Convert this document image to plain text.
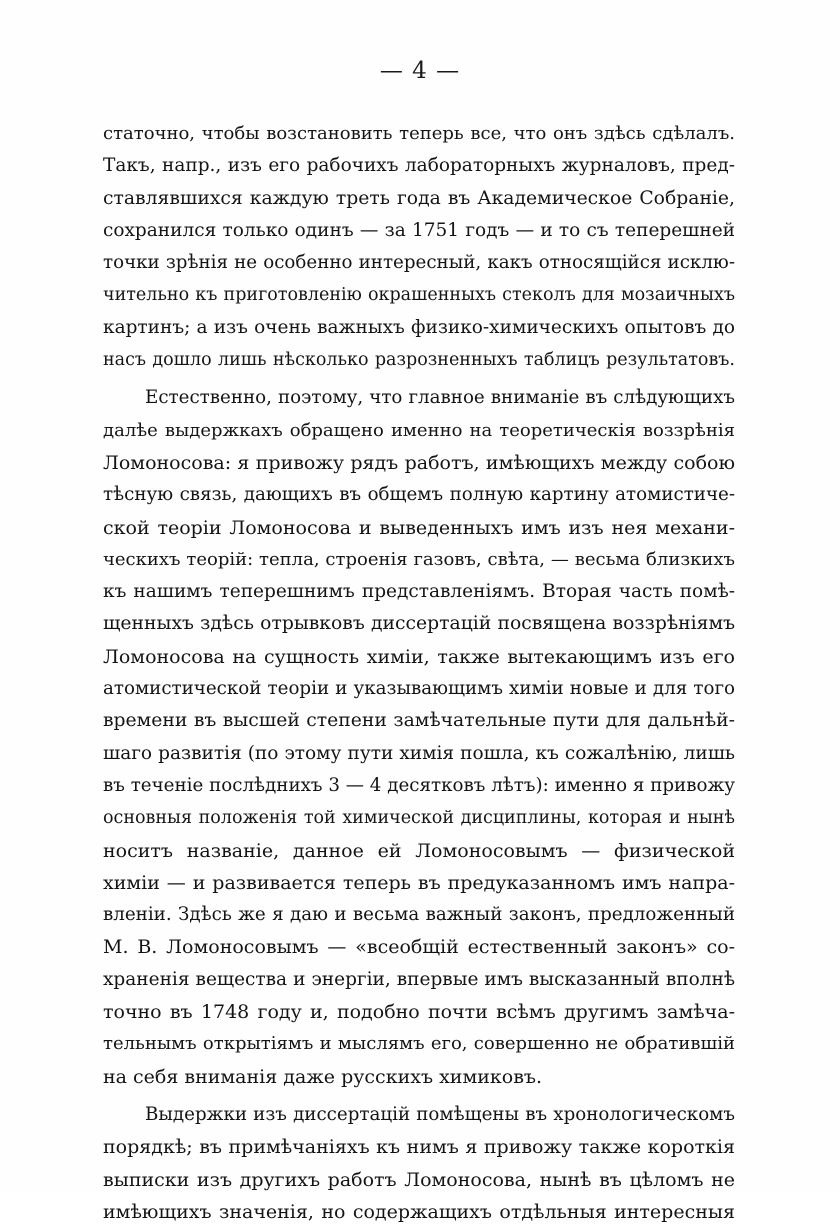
— 4 —
статочно, чтобы возстановить теперь все, что онъ здѣсь сдѣлалъ.
Такъ, напр., изъ его рабочихъ лабораторныхъ журналовъ, пред-
ставлявшихся каждую треть года въ Академическое Собранiе,
сохранился только одинъ — за 1751 годъ — и то съ теперешней
точки зрѣнiя не особенно интересный, какъ относящiйся исклю-
чительно къ приготовленiю окрашенныхъ стеколъ для мозаичныхъ
картинъ; а изъ очень важныхъ физико-химическихъ опытовъ до
насъ дошло лишь нѣсколько разрозненныхъ таблицъ результатовъ.
Естественно, поэтому, что главное вниманiе въ слѣдующихъ
далѣе выдержкахъ обращено именно на теоретическiя воззрѣнiя
Ломоносова: я привожу рядъ работъ, имѣющихъ между собою
тѣсную связь, дающихъ въ общемъ полную картину атомистиче-
ской теорiи Ломоносова и выведенныхъ имъ изъ нея механи-
ческихъ теорiй: тепла, строенiя газовъ, свѣта, — весьма близкихъ
къ нашимъ теперешнимъ представленiямъ. Вторая часть помѣ-
щенныхъ здѣсь отрывковъ диссертацiй посвящена воззрѣнiямъ
Ломоносова на сущность химiи, также вытекающимъ изъ его
атомистической теорiи и указывающимъ химiи новые и для того
времени въ высшей степени замѣчательные пути для дальнѣй-
шаго развитiя (по этому пути химiя пошла, къ сожалѣнiю, лишь
въ теченiе послѣднихъ 3 — 4 десятковъ лѣтъ): именно я привожу
основныя положенiя той химической дисциплины, которая и нынѣ
носитъ названiе, данное ей Ломоносовымъ — физической
химiи — и развивается теперь въ предуказанномъ имъ напра-
вленiи. Здѣсь же я даю и весьма важный законъ, предложенный
М. В. Ломоносовымъ — «всеобщiй естественный законъ» со-
храненiя вещества и энергiи, впервые имъ высказанный вполнѣ
точно въ 1748 году и, подобно почти всѣмъ другимъ замѣча-
тельнымъ открытiямъ и мыслямъ его, совершенно не обратившiй
на себя вниманiя даже русскихъ химиковъ.
Выдержки изъ диссертацiй помѣщены въ хронологическомъ
порядкѣ; въ примѣчанiяхъ къ нимъ я привожу также короткiя
выписки изъ другихъ работъ Ломоносова, нынѣ въ цѣломъ не
имѣющихъ значенiя, но содержащихъ отдѣльныя интересныя
